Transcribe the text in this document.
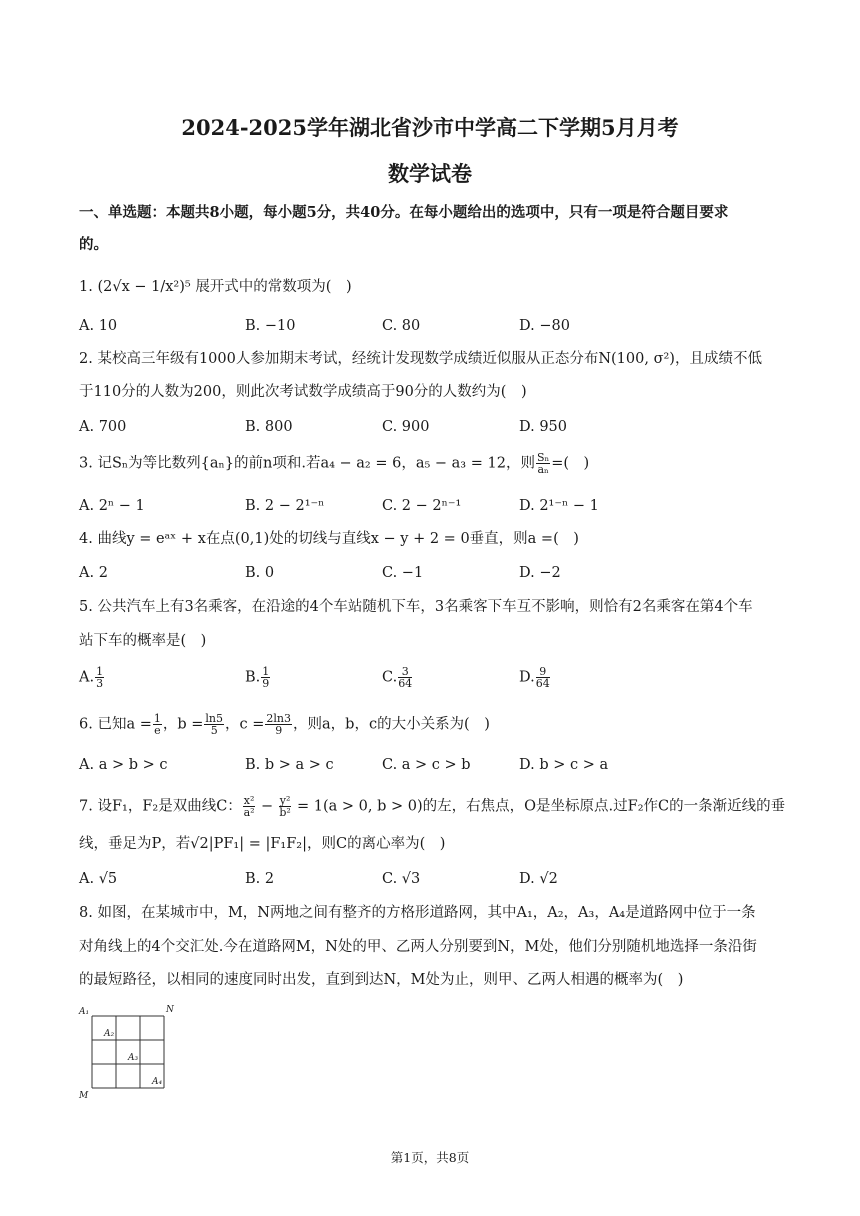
2024-2025学年湖北省沙市中学高二下学期5月月考
数学试卷
一、单选题：本题共8小题，每小题5分，共40分。在每小题给出的选项中，只有一项是符合题目要求
的。
1. (2√x − 1/x²)⁵ 展开式中的常数项为(　)
A. 10	B. −10	C. 80	D. −80
2. 某校高三年级有1000人参加期末考试，经统计发现数学成绩近似服从正态分布N(100, σ²)，且成绩不低
于110分的人数为200，则此次考试数学成绩高于90分的人数约为(　)
A. 700	B. 800	C. 900	D. 950
3. 记Sₙ为等比数列{aₙ}的前n项和.若a₄ − a₂ = 6，a₅ − a₃ = 12，则 $\frac{\text{Sₙ}}{\text{aₙ}}$ =(　)
A. 2ⁿ − 1	B. 2 − 2¹⁻ⁿ	C. 2 − 2ⁿ⁻¹	D. 2¹⁻ⁿ − 1
4. 曲线y = eᵃˣ + x在点(0,1)处的切线与直线x − y + 2 = 0垂直，则a =(　)
A. 2	B. 0	C. −1	D. −2
5. 公共汽车上有3名乘客，在沿途的4个车站随机下车，3名乘客下车互不影响，则恰有2名乘客在第4个车
站下车的概率是(　)
A. $\frac{1}{3}$	B. $\frac{1}{9}$	C. $\frac{3}{64}$	D. $\frac{9}{64}$
6. 已知$a = \frac{1}{e}$ ，$b = \frac{\ln 5}{5}$ ，$c = \frac{2\ln 3}{9}$ ，则a，b，c的大小关系为(　)
A. a > b > c	B. b > a > c	C. a > c > b	D. b > c > a
7. 设F₁，F₂是双曲线C： $\frac{\text{x²}}{\text{a²}} - \frac{\text{y²}}{\text{b²}} = 1(a > 0$, b > 0)的左，右焦点，O是坐标原点.过F₂作C的一条渐近线的垂
线，垂足为P，若√2|PF₁| = |F₁F₂|，则C的离心率为(　)
A. √5	B. 2	C. √3	D. √2
8. 如图，在某城市中，M，N两地之间有整齐的方格形道路网，其中A₁，A₂，A₃，A₄是道路网中位于一条
对角线上的4个交汇处.今在道路网M，N处的甲、乙两人分别要到N，M处，他们分别随机地选择一条沿街
的最短路径，以相同的速度同时出发，直到到达N，M处为止，则甲、乙两人相遇的概率为(　)
A₁
A₂
A₃
A₄
N
M
第1页，共8页
